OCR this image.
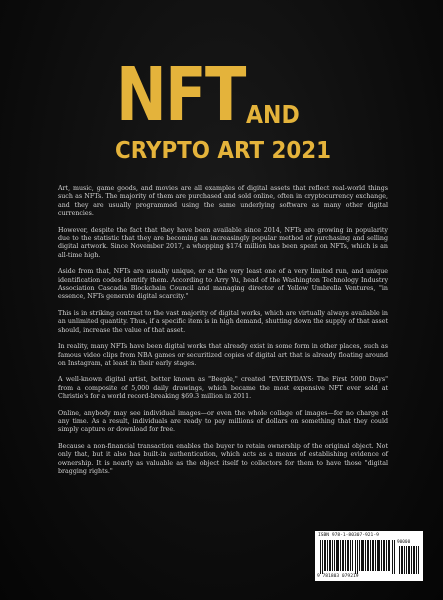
NFT AND
CRYPTO ART 2021

Art, music, game goods, and movies are all examples of digital assets that reflect real-world things such as NFTs. The majority of them are purchased and sold online, often in cryptocurrency exchange, and they are usually programmed using the same underlying software as many other digital currencies.

However, despite the fact that they have been available since 2014, NFTs are growing in popularity due to the statistic that they are becoming an increasingly popular method of purchasing and selling digital artwork. Since November 2017, a whopping $174 million has been spent on NFTs, which is an all-time high.

Aside from that, NFTs are usually unique, or at the very least one of a very limited run, and unique identification codes identify them. According to Arry Yu, head of the Washington Technology Industry Association Cascadia Blockchain Council and managing director of Yellow Umbrella Ventures, "in essence, NFTs generate digital scarcity."

This is in striking contrast to the vast majority of digital works, which are virtually always available in an unlimited quantity. Thus, if a specific item is in high demand, shutting down the supply of that asset should, increase the value of that asset.

In reality, many NFTs have been digital works that already exist in some form in other places, such as famous video clips from NBA games or securitized copies of digital art that is already floating around on Instagram, at least in their early stages.

A well-known digital artist, better known as "Beeple," created "EVERYDAYS: The First 5000 Days" from a composite of 5,000 daily drawings, which became the most expensive NFT ever sold at Christie's for a world record-breaking $69.3 million in 2011.

Online, anybody may see individual images—or even the whole collage of images—for no charge at any time. As a result, individuals are ready to pay millions of dollars on something that they could simply capture or download for free.

Because a non-financial transaction enables the buyer to retain ownership of the original object. Not only that, but it also has built-in authentication, which acts as a means of establishing evidence of ownership. It is nearly as valuable as the object itself to collectors for them to have those "digital bragging rights."

ISBN 978-1-80307-921-9
90000
9 781803 079219
